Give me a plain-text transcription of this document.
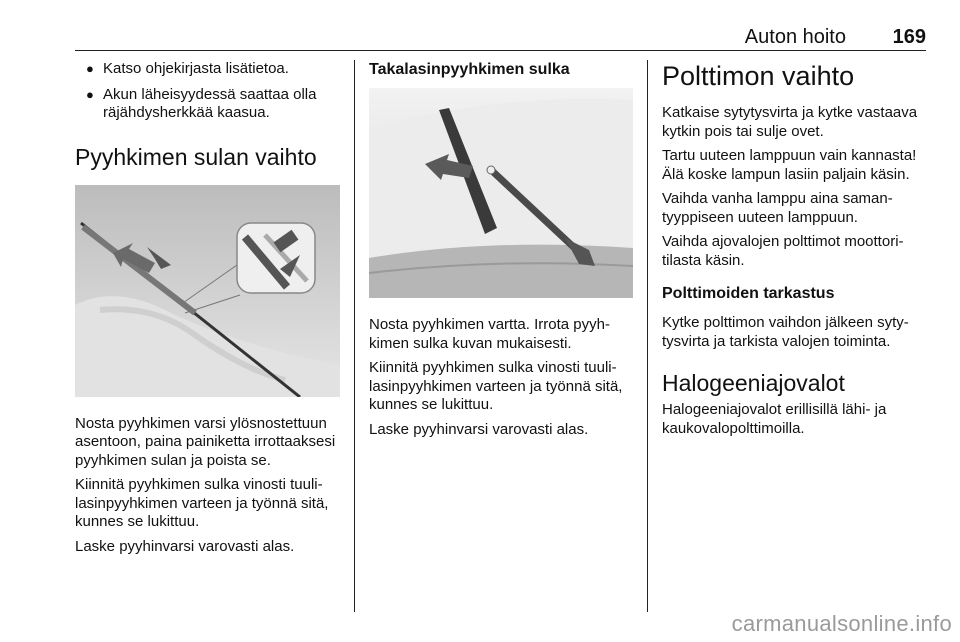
Auton hoito 169
● Katso ohjekirjasta lisätietoa.
● Akun läheisyydessä saattaa olla räjähdysherkkää kaasua.
Pyyhkimen sulan vaihto

Nosta pyyhkimen varsi ylösnostettuun asentoon, paina painiketta irrottaaksesi pyyhkimen sulan ja poista se.

Kiinnitä pyyhkimen sulka vinosti tuulilasinpyyhkimen varteen ja työnnä sitä, kunnes se lukittuu.

Laske pyyhinvarsi varovasti alas.

Takalasinpyyhkimen sulka

Nosta pyyhkimen vartta. Irrota pyyhkimen sulka kuvan mukaisesti.

Kiinnitä pyyhkimen sulka vinosti tuulilasinpyyhkimen varteen ja työnnä sitä, kunnes se lukittuu.

Laske pyyhinvarsi varovasti alas.

Polttimon vaihto

Katkaise sytytysvirta ja kytke vastaava kytkin pois tai sulje ovet.

Tartu uuteen lamppuun vain kannasta! Älä koske lampun lasiin paljain käsin.

Vaihda vanha lamppu aina samantyyppiseen uuteen lamppuun.

Vaihda ajovalojen polttimot moottoritilasta käsin.

Polttimoiden tarkastus

Kytke polttimon vaihdon jälkeen sytytysvirta ja tarkista valojen toiminta.

Halogeeniajovalot

Halogeeniajovalot erillisillä lähi- ja kaukovalopolttimoilla.

carmanualsonline.info
